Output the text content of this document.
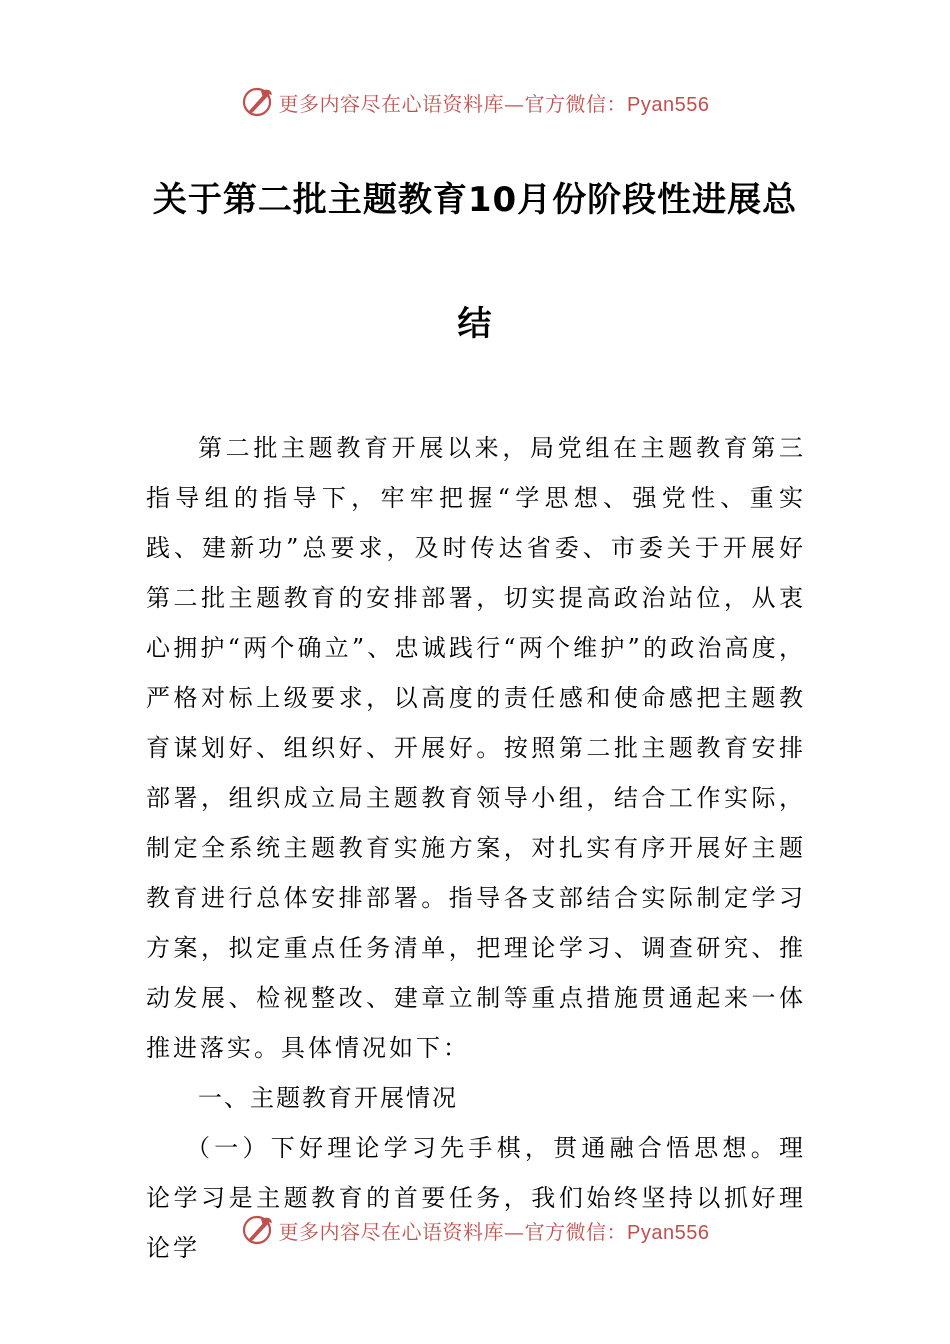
更多内容尽在心语资料库—官方微信：Pyan556
关于第二批主题教育10月份阶段性进展总
结

第二批主题教育开展以来，局党组在主题教育第三指导组的指导下，牢牢把握“学思想、强党性、重实践、建新功”总要求，及时传达省委、市委关于开展好第二批主题教育的安排部署，切实提高政治站位，从衷心拥护“两个确立”、忠诚践行“两个维护”的政治高度，严格对标上级要求，以高度的责任感和使命感把主题教育谋划好、组织好、开展好。按照第二批主题教育安排部署，组织成立局主题教育领导小组，结合工作实际，制定全系统主题教育实施方案，对扎实有序开展好主题教育进行总体安排部署。指导各支部结合实际制定学习方案，拟定重点任务清单，把理论学习、调查研究、推动发展、检视整改、建章立制等重点措施贯通起来一体推进落实。具体情况如下：

一、主题教育开展情况

（一）下好理论学习先手棋，贯通融合悟思想。理论学习是主题教育的首要任务，我们始终坚持以抓好理论学

更多内容尽在心语资料库—官方微信：Pyan556
